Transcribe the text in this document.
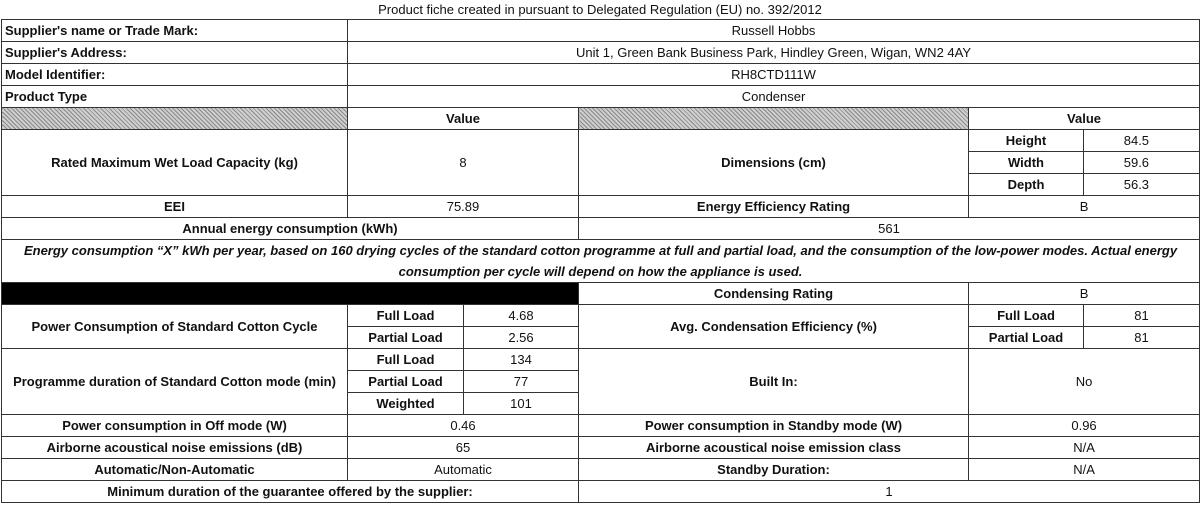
Product fiche created in pursuant to Delegated Regulation (EU) no. 392/2012
Supplier's name or Trade Mark:	Russell Hobbs				
Supplier's Address:	Unit 1, Green Bank Business Park, Hindley Green, Wigan, WN2 4AY				
Model Identifier:	RH8CTD111W				
Product Type	Condenser				
	Value			Value	
Rated Maximum Wet Load Capacity (kg)	8		Dimensions (cm)	Height	84.5
				Width	59.6
				Depth	56.3
EEI	75.89		Energy Efficiency Rating	B	
Annual energy consumption (kWh)			561		
Energy consumption “X” kWh per year, based on 160 drying cycles of the standard cotton programme at full and partial load, and the consumption of the low-power modes. Actual energy consumption per cycle will depend on how the appliance is used.					
			Condensing Rating	B	
Power Consumption of Standard Cotton Cycle	Full Load	4.68	Avg. Condensation Efficiency (%)	Full Load	81
	Partial Load	2.56		Partial Load	81
Programme duration of Standard Cotton mode (min)	Full Load	134	Built In:	No	
	Partial Load	77			
	Weighted	101			
Power consumption in Off mode (W)	0.46		Power consumption in Standby mode (W)	0.96	
Airborne acoustical noise emissions (dB)	65		Airborne acoustical noise emission class	N/A	
Automatic/Non-Automatic	Automatic		Standby Duration:	N/A	
Minimum duration of the guarantee offered by the supplier:			1		
